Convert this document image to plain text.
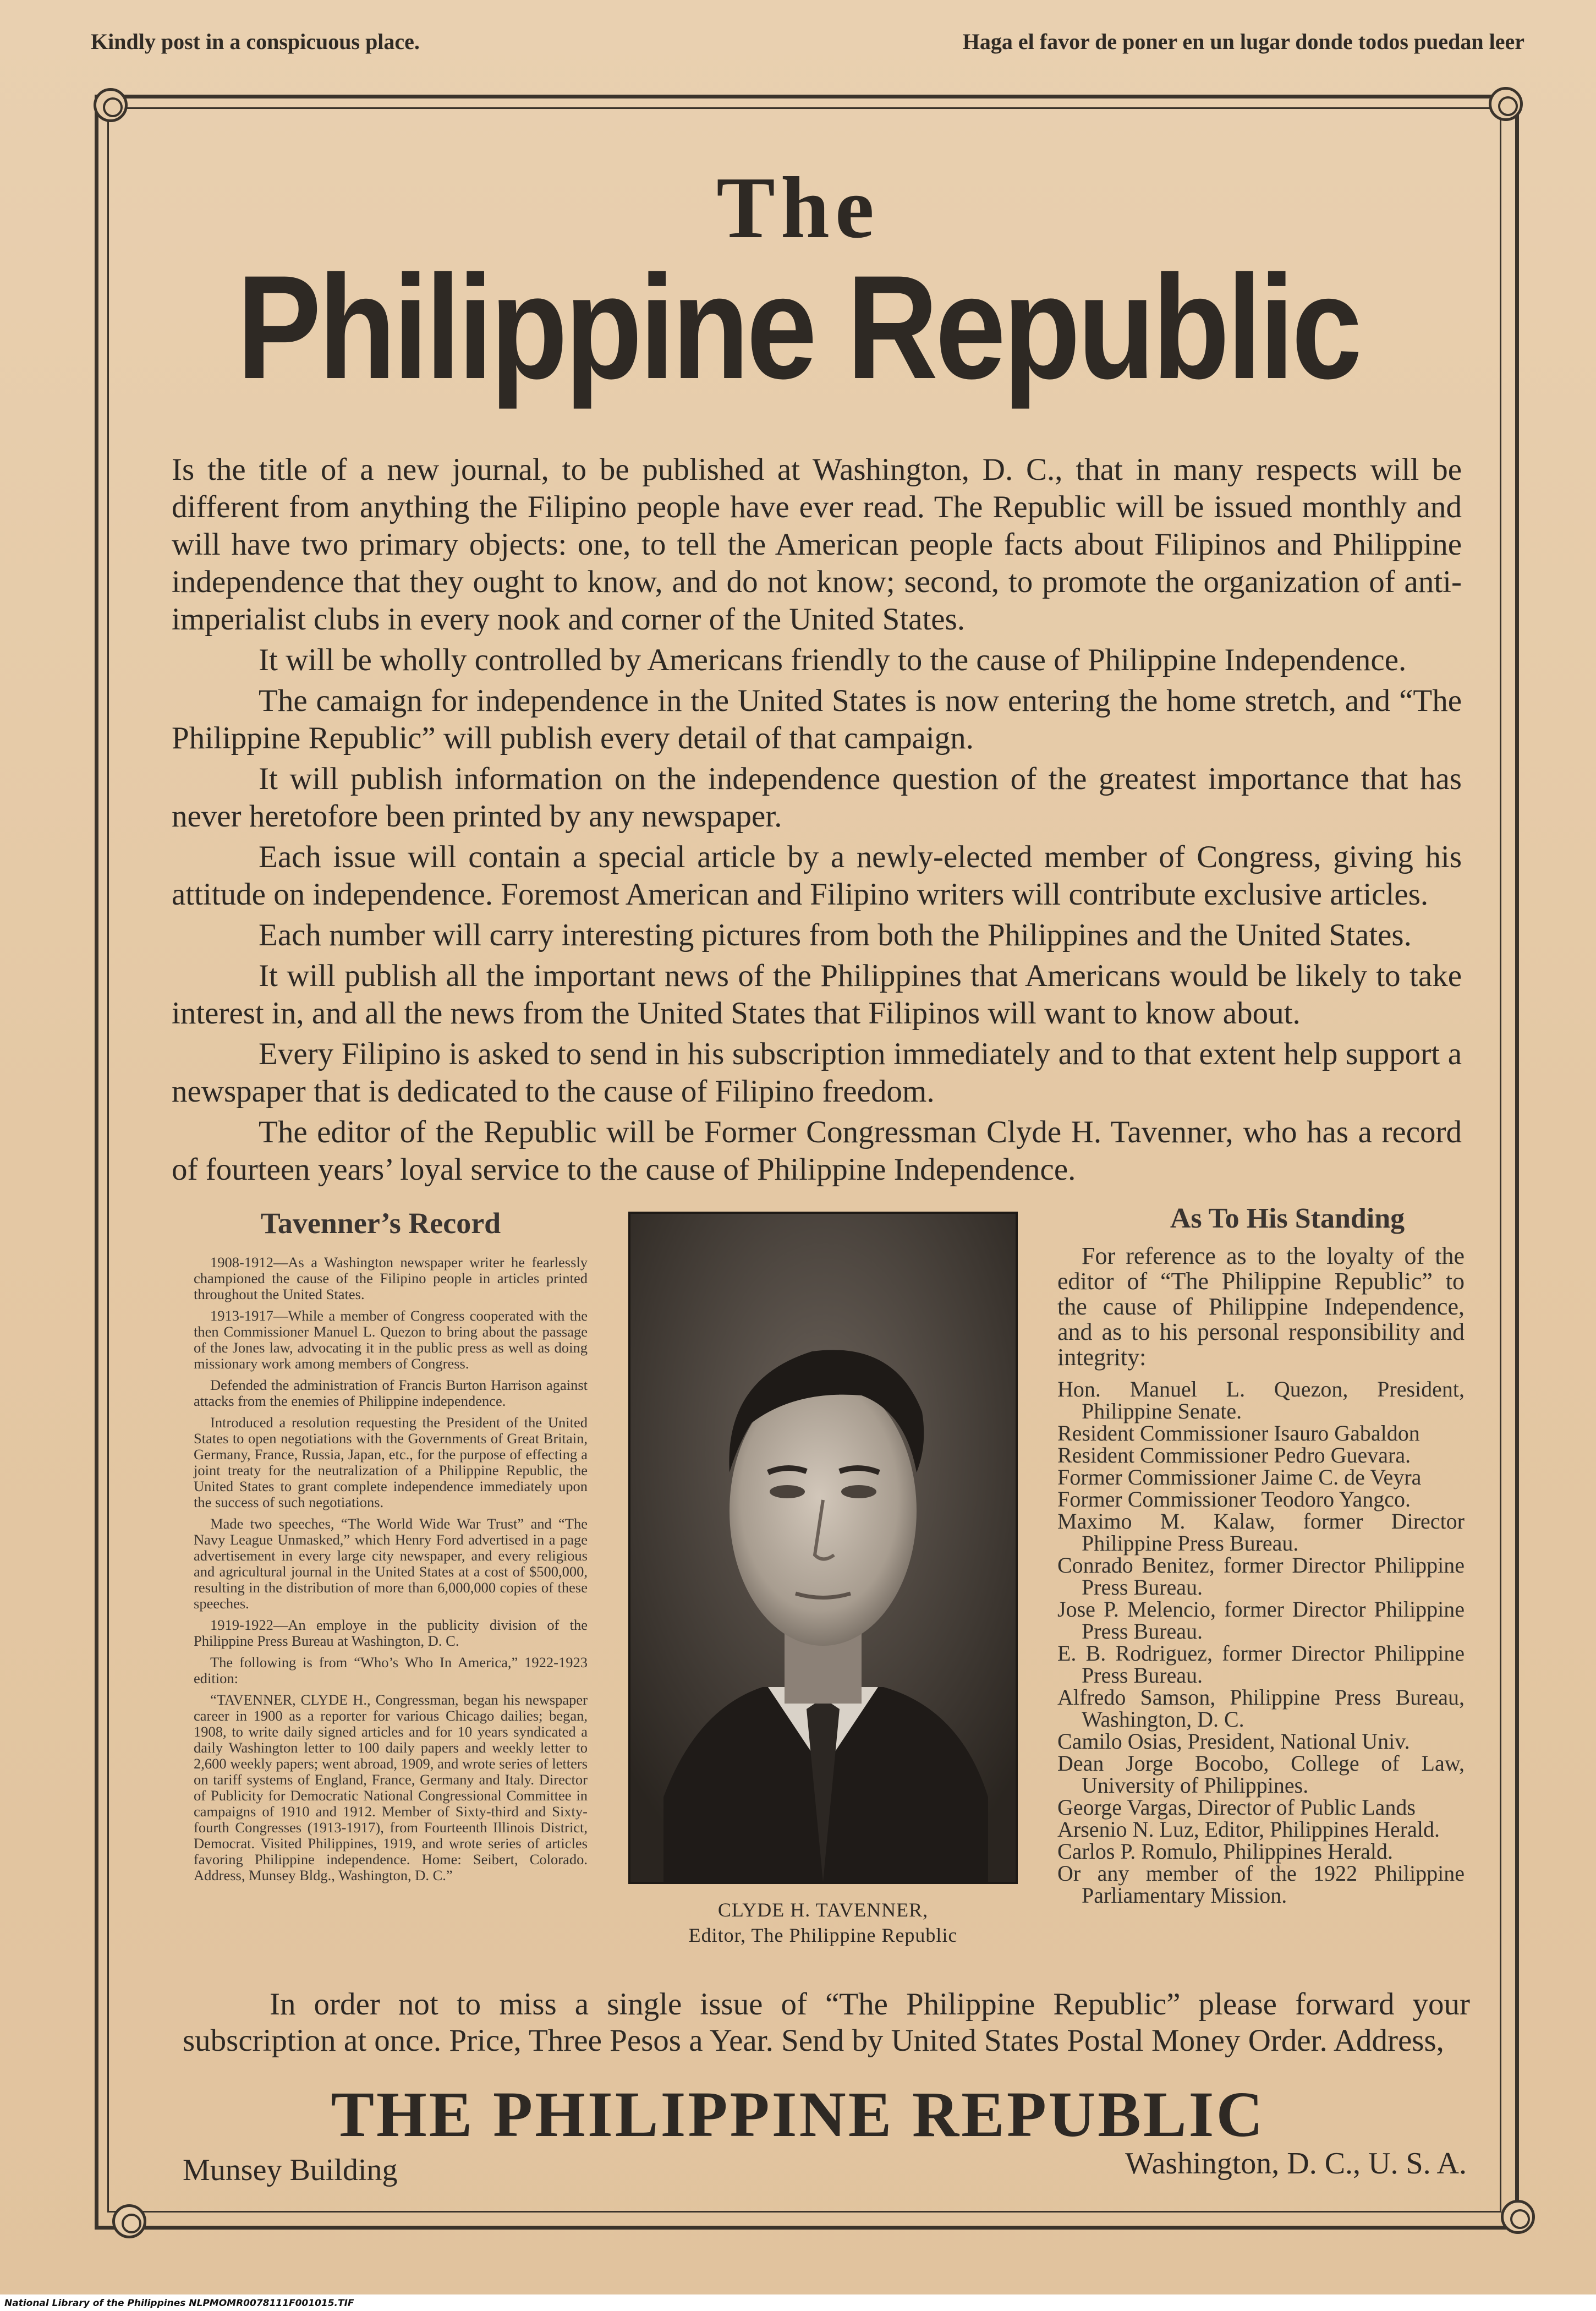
Kindly post in a conspicuous place.	Haga el favor de poner en un lugar donde todos puedan leer
The
Philippine Republic

Is the title of a new journal, to be published at Washington, D. C., that in many respects will be different from anything the Filipino people have ever read. The Republic will be issued monthly and will have two primary objects: one, to tell the American people facts about Filipinos and Philippine independence that they ought to know, and do not know; second, to promote the organization of anti-imperialist clubs in every nook and corner of the United States.

It will be wholly controlled by Americans friendly to the cause of Philippine Independence.

The camaign for independence in the United States is now entering the home stretch, and “The Philippine Republic” will publish every detail of that campaign.

It will publish information on the independence question of the greatest importance that has never heretofore been printed by any newspaper.

Each issue will contain a special article by a newly-elected member of Congress, giving his attitude on independence. Foremost American and Filipino writers will contribute exclusive articles.

Each number will carry interesting pictures from both the Philippines and the United States.

It will publish all the important news of the Philippines that Americans would be likely to take interest in, and all the news from the United States that Filipinos will want to know about.

Every Filipino is asked to send in his subscription immediately and to that extent help support a newspaper that is dedicated to the cause of Filipino freedom.

The editor of the Republic will be Former Congressman Clyde H. Tavenner, who has a record of fourteen years’ loyal service to the cause of Philippine Independence.

Tavenner’s Record

1908-1912—As a Washington newspaper writer he fearlessly championed the cause of the Filipino people in articles printed throughout the United States.

1913-1917—While a member of Congress cooperated with the then Commissioner Manuel L. Quezon to bring about the passage of the Jones law, advocating it in the public press as well as doing missionary work among members of Congress.

Defended the administration of Francis Burton Harrison against attacks from the enemies of Philippine independence.

Introduced a resolution requesting the President of the United States to open negotiations with the Governments of Great Britain, Germany, France, Russia, Japan, etc., for the purpose of effecting a joint treaty for the neutralization of a Philippine Republic, the United States to grant complete independence immediately upon the success of such negotiations.

Made two speeches, “The World Wide War Trust” and “The Navy League Unmasked,” which Henry Ford advertised in a page advertisement in every large city newspaper, and every religious and agricultural journal in the United States at a cost of $500,000, resulting in the distribution of more than 6,000,000 copies of these speeches.

1919-1922—An employe in the publicity division of the Philippine Press Bureau at Washington, D. C.

The following is from “Who’s Who In America,” 1922-1923 edition:

“TAVENNER, CLYDE H., Congressman, began his newspaper career in 1900 as a reporter for various Chicago dailies; began, 1908, to write daily signed articles and for 10 years syndicated a daily Washington letter to 100 daily papers and weekly letter to 2,600 weekly papers; went abroad, 1909, and wrote series of letters on tariff systems of England, France, Germany and Italy. Director of Publicity for Democratic National Congressional Committee in campaigns of 1910 and 1912. Member of Sixty-third and Sixty-fourth Congresses (1913-1917), from Fourteenth Illinois District, Democrat. Visited Philippines, 1919, and wrote series of articles favoring Philippine independence. Home: Seibert, Colorado. Address, Munsey Bldg., Washington, D. C.”

CLYDE H. TAVENNER,
Editor, The Philippine Republic
As To His Standing
For reference as to the loyalty of the editor of “The Philippine Republic” to the cause of Philippine Independence, and as to his personal responsibility and integrity:
Hon. Manuel L. Quezon, President, Philippine Senate.
Resident Commissioner Isauro Gabaldon
Resident Commissioner Pedro Guevara.
Former Commissioner Jaime C. de Veyra
Former Commissioner Teodoro Yangco.
Maximo M. Kalaw, former Director Philippine Press Bureau.
Conrado Benitez, former Director Philippine Press Bureau.
Jose P. Melencio, former Director Philippine Press Bureau.
E. B. Rodriguez, former Director Philippine Press Bureau.
Alfredo Samson, Philippine Press Bureau, Washington, D. C.
Camilo Osias, President, National Univ.
Dean Jorge Bocobo, College of Law, University of Philippines.
George Vargas, Director of Public Lands
Arsenio N. Luz, Editor, Philippines Herald.
Carlos P. Romulo, Philippines Herald.
Or any member of the 1922 Philippine Parliamentary Mission.
In order not to miss a single issue of “The Philippine Republic” please forward your subscription at once. Price, Three Pesos a Year. Send by United States Postal Money Order. Address,
THE PHILIPPINE REPUBLIC
Munsey Building	Washington, D. C., U. S. A.
National Library of the Philippines NLPMOMR0078111F001015.TIF
